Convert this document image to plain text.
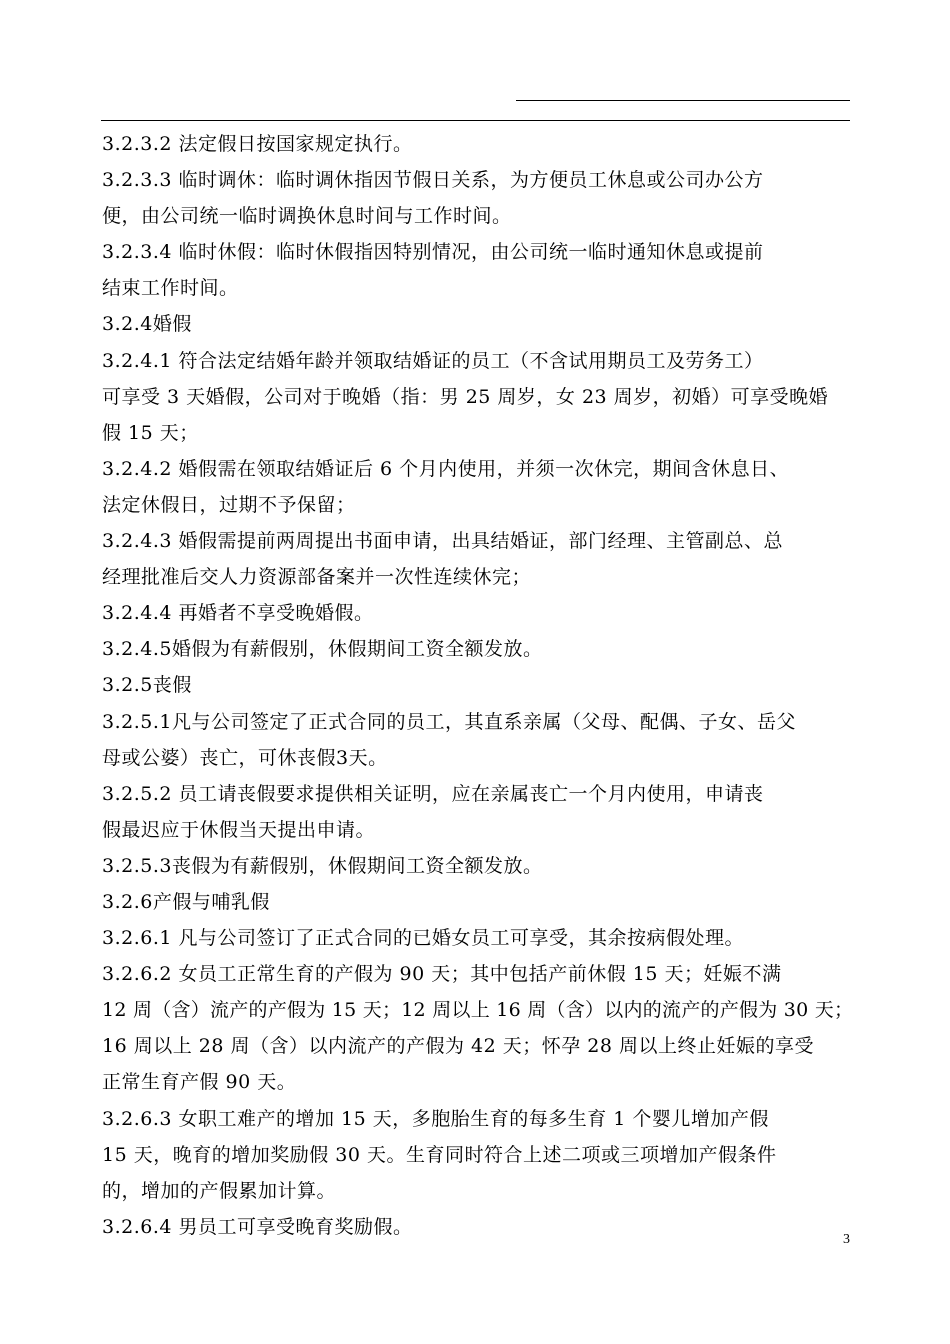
3.2.3.2 法定假日按国家规定执行。
3.2.3.3 临时调休：临时调休指因节假日关系，为方便员工休息或公司办公方
便，由公司统一临时调换休息时间与工作时间。
3.2.3.4 临时休假：临时休假指因特别情况，由公司统一临时通知休息或提前
结束工作时间。
3.2.4婚假
3.2.4.1 符合法定结婚年龄并领取结婚证的员工（不含试用期员工及劳务工）
可享受 3 天婚假，公司对于晚婚（指：男 25 周岁，女 23 周岁，初婚）可享受晚婚
假 15 天；
3.2.4.2 婚假需在领取结婚证后 6 个月内使用，并须一次休完，期间含休息日、
法定休假日，过期不予保留；
3.2.4.3 婚假需提前两周提出书面申请，出具结婚证，部门经理、主管副总、总
经理批准后交人力资源部备案并一次性连续休完；
3.2.4.4 再婚者不享受晚婚假。
3.2.4.5婚假为有薪假别，休假期间工资全额发放。
3.2.5丧假
3.2.5.1凡与公司签定了正式合同的员工，其直系亲属（父母、配偶、子女、岳父
母或公婆）丧亡，可休丧假3天。
3.2.5.2 员工请丧假要求提供相关证明，应在亲属丧亡一个月内使用，申请丧
假最迟应于休假当天提出申请。
3.2.5.3丧假为有薪假别，休假期间工资全额发放。
3.2.6产假与哺乳假
3.2.6.1 凡与公司签订了正式合同的已婚女员工可享受，其余按病假处理。
3.2.6.2 女员工正常生育的产假为 90 天；其中包括产前休假 15 天；妊娠不满
12 周（含）流产的产假为 15 天；12 周以上 16 周（含）以内的流产的产假为 30 天；
16 周以上 28 周（含）以内流产的产假为 42 天；怀孕 28 周以上终止妊娠的享受
正常生育产假 90 天。
3.2.6.3 女职工难产的增加 15 天，多胞胎生育的每多生育 1 个婴儿增加产假
15 天，晚育的增加奖励假 30 天。生育同时符合上述二项或三项增加产假条件
的，增加的产假累加计算。
3.2.6.4 男员工可享受晚育奖励假。
3
